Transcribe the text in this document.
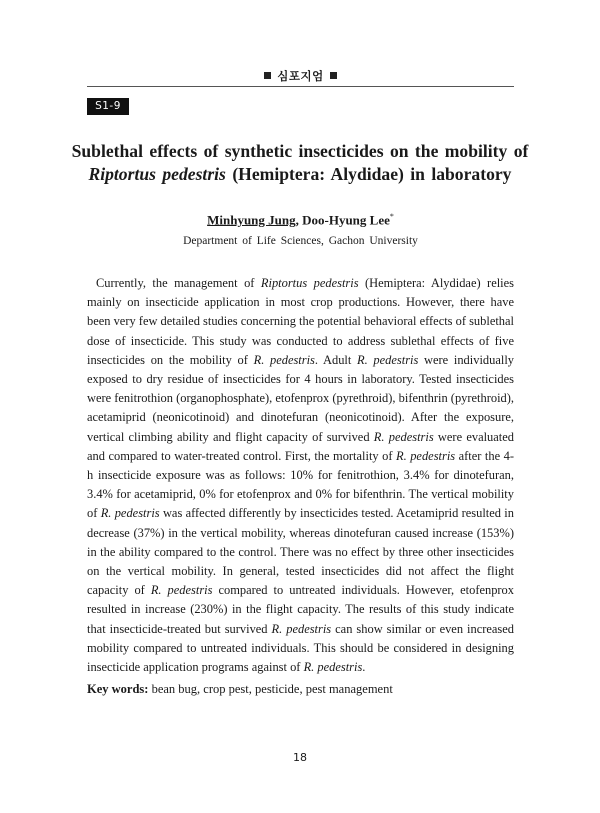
심포지엄
S1-9
Sublethal effects of synthetic insecticides on the mobility of
Riptortus pedestris (Hemiptera: Alydidae) in laboratory
Minhyung Jung, Doo-Hyung Lee*
Department of Life Sciences, Gachon University

Currently, the management of Riptortus pedestris (Hemiptera: Alydidae) relies mainly on insecticide application in most crop productions. However, there have been very few detailed studies concerning the potential behavioral effects of sublethal dose of insecticide. This study was conducted to address sublethal effects of five insecticides on the mobility of R. pedestris. Adult R. pedestris were individually exposed to dry residue of insecticides for 4 hours in laboratory. Tested insecticides were fenitrothion (organophosphate), etofenprox (pyrethroid), bifenthrin (pyrethroid), acetamiprid (neonicotinoid) and dinotefuran (neonicotinoid). After the exposure, vertical climbing ability and flight capacity of survived R. pedestris were evaluated and compared to water-treated control. First, the mortality of R. pedestris after the 4-h insecticide exposure was as follows: 10% for fenitrothion, 3.4% for dinotefuran, 3.4% for acetamiprid, 0% for etofenprox and 0% for bifenthrin. The vertical mobility of R. pedestris was affected differently by insecticides tested. Acetamiprid resulted in decrease (37%) in the vertical mobility, whereas dinotefuran caused increase (153%) in the ability compared to the control. There was no effect by three other insecticides on the vertical mobility. In general, tested insecticides did not affect the flight capacity of R. pedestris compared to untreated individuals. However, etofenprox resulted in increase (230%) in the flight capacity. The results of this study indicate that insecticide-treated but survived R. pedestris can show similar or even increased mobility compared to untreated individuals. This should be considered in designing insecticide application programs against of R. pedestris.

Key words: bean bug, crop pest, pesticide, pest management
18
